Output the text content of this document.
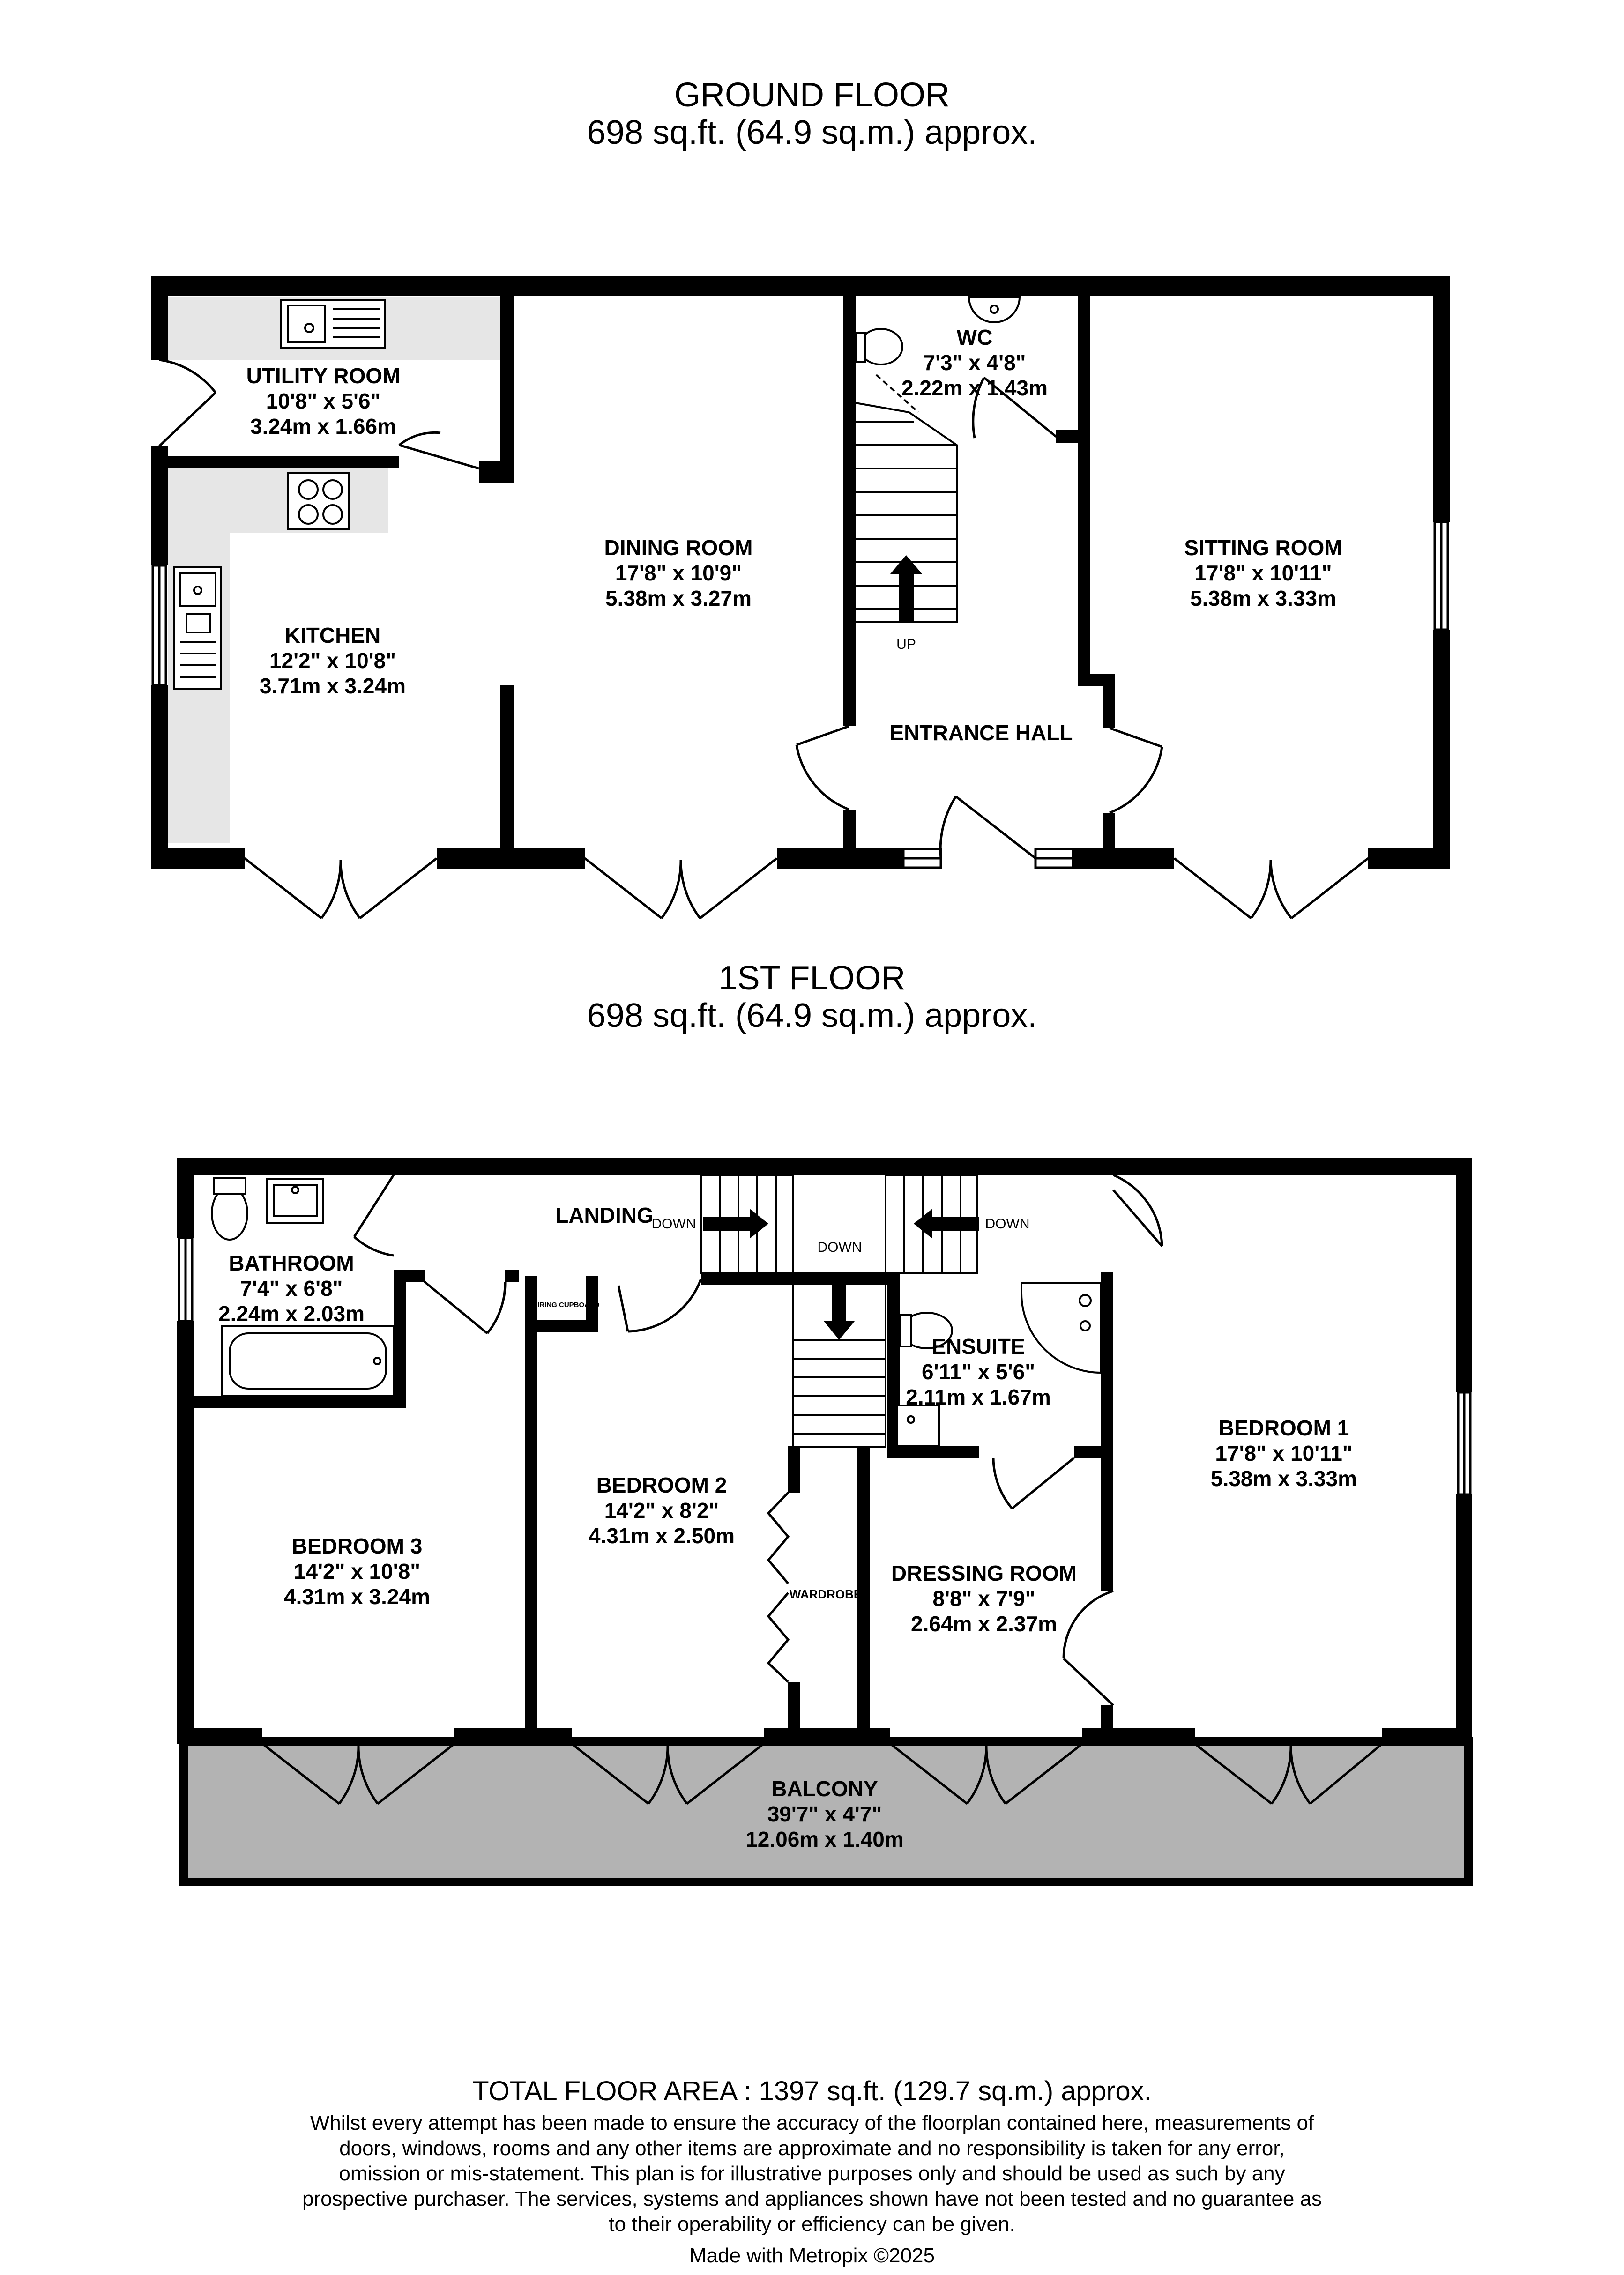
GROUND FLOOR
698 sq.ft. (64.9 sq.m.) approx.
1ST FLOOR
698 sq.ft. (64.9 sq.m.) approx.
UP
UTILITY ROOM
10'8" x 5'6"
3.24m x 1.66m
KITCHEN
12'2" x 10'8"
3.71m x 3.24m
DINING ROOM
17'8" x 10'9"
5.38m x 3.27m
WC
7'3" x 4'8"
2.22m x 1.43m
SITTING ROOM
17'8" x 10'11"
5.38m x 3.33m
ENTRANCE HALL
DOWN
DOWN
DOWN
BATHROOM
7'4" x 6'8"
2.24m x 2.03m
LANDING
ENSUITE
6'11" x 5'6"
2.11m x 1.67m
BEDROOM 1
17'8" x 10'11"
5.38m x 3.33m
BEDROOM 2
14'2" x 8'2"
4.31m x 2.50m
BEDROOM 3
14'2" x 10'8"
4.31m x 3.24m
DRESSING ROOM
8'8" x 7'9"
2.64m x 2.37m
BALCONY
39'7" x 4'7"
12.06m x 1.40m
AIRING CUPBOARD
WARDROBE
TOTAL FLOOR AREA : 1397 sq.ft. (129.7 sq.m.) approx.
Whilst every attempt has been made to ensure the accuracy of the floorplan contained here, measurements of doors, windows, rooms and any other items are approximate and no responsibility is taken for any error, omission or mis-statement. This plan is for illustrative purposes only and should be used as such by any prospective purchaser. The services, systems and appliances shown have not been tested and no guarantee as to their operability or efficiency can be given.
Made with Metropix ©2025
